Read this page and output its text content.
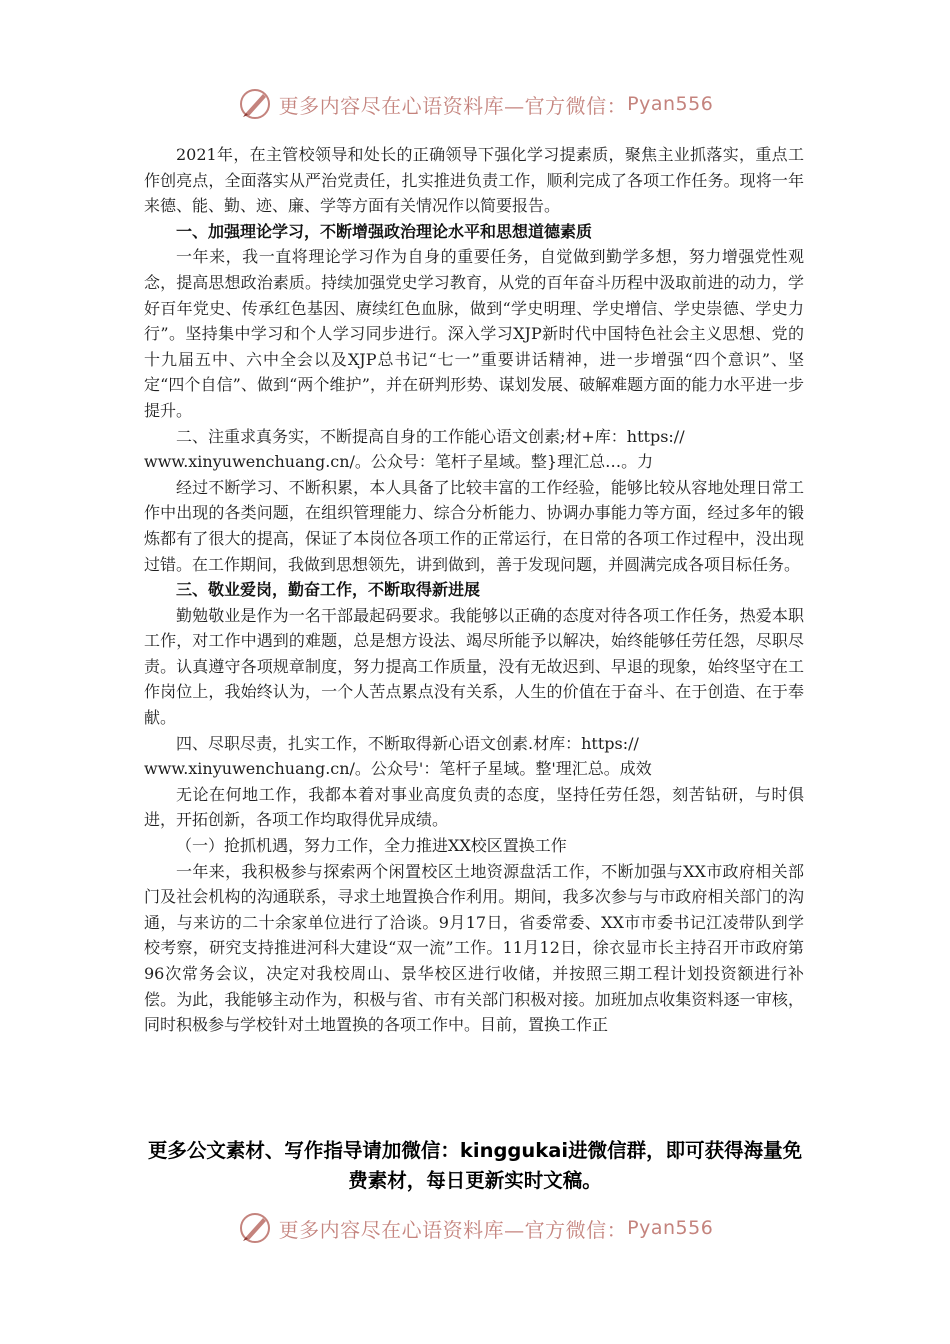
更多内容尽在心语资料库—官方微信： Pyan556

2021年，在主管校领导和处长的正确领导下强化学习提素质，聚焦主业抓落实，重点工作创亮点，全面落实从严治党责任，扎实推进负责工作，顺利完成了各项工作任务。现将一年来德、能、勤、迹、廉、学等方面有关情况作以简要报告。

一、加强理论学习，不断增强政治理论水平和思想道德素质

一年来，我一直将理论学习作为自身的重要任务，自觉做到勤学多想，努力增强党性观念，提高思想政治素质。持续加强党史学习教育，从党的百年奋斗历程中汲取前进的动力，学好百年党史、传承红色基因、赓续红色血脉，做到“学史明理、学史增信、学史崇德、学史力行”。坚持集中学习和个人学习同步进行。深入学习XJP新时代中国特色社会主义思想、党的十九届五中、六中全会以及XJP总书记“七一”重要讲话精神，进一步增强“四个意识”、坚定“四个自信”、做到“两个维护”，并在研判形势、谋划发展、破解难题方面的能力水平进一步提升。

二、注重求真务实，不断提高自身的工作能心语文创素;材+库：https://

www.xinyuwenchuang.cn/。公众号：笔杆子星域。整}理汇总…。力

经过不断学习、不断积累，本人具备了比较丰富的工作经验，能够比较从容地处理日常工作中出现的各类问题，在组织管理能力、综合分析能力、协调办事能力等方面，经过多年的锻炼都有了很大的提高，保证了本岗位各项工作的正常运行，在日常的各项工作过程中，没出现过错。在工作期间，我做到思想领先，讲到做到，善于发现问题，并圆满完成各项目标任务。

三、敬业爱岗，勤奋工作，不断取得新进展

勤勉敬业是作为一名干部最起码要求。我能够以正确的态度对待各项工作任务，热爱本职工作，对工作中遇到的难题，总是想方设法、竭尽所能予以解决，始终能够任劳任怨，尽职尽责。认真遵守各项规章制度，努力提高工作质量，没有无故迟到、早退的现象，始终坚守在工作岗位上，我始终认为，一个人苦点累点没有关系，人生的价值在于奋斗、在于创造、在于奉献。

四、尽职尽责，扎实工作，不断取得新心语文创素.材库：https://

www.xinyuwenchuang.cn/。公众号'：笔杆子星域。整'理汇总。成效

无论在何地工作，我都本着对事业高度负责的态度，坚持任劳任怨，刻苦钻研，与时俱进，开拓创新，各项工作均取得优异成绩。

（一）抢抓机遇，努力工作，全力推进XX校区置换工作

一年来，我积极参与探索两个闲置校区土地资源盘活工作，不断加强与XX市政府相关部门及社会机构的沟通联系，寻求土地置换合作利用。期间，我多次参与与市政府相关部门的沟通，与来访的二十余家单位进行了洽谈。9月17日，省委常委、XX市市委书记江凌带队到学校考察，研究支持推进河科大建设“双一流”工作。11月12日，徐衣显市长主持召开市政府第96次常务会议，决定对我校周山、景华校区进行收储，并按照三期工程计划投资额进行补偿。为此，我能够主动作为，积极与省、市有关部门积极对接。加班加点收集资料逐一审核，同时积极参与学校针对土地置换的各项工作中。目前，置换工作正

更多公文素材、写作指导请加微信：kinggukai进微信群，即可获得海量免费素材，每日更新实时文稿。
更多内容尽在心语资料库—官方微信： Pyan556
